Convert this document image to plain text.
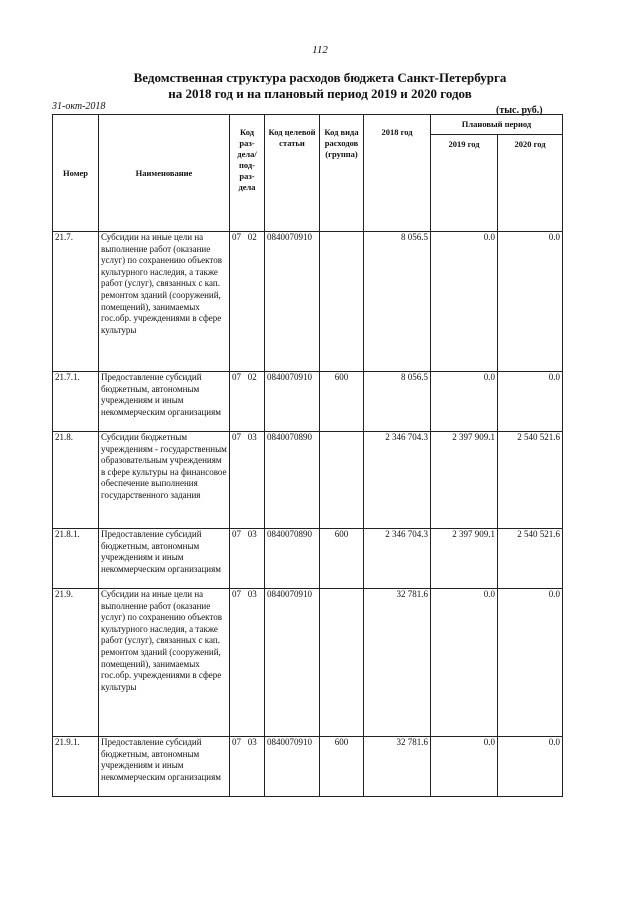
112
Ведомственная структура расходов бюджета Санкт-Петербурга
на 2018 год и на плановый период 2019 и 2020 годов
31-окт-2018	(тыс. руб.)
Номер	Наименование	Код раз-дела/ под-раз-дела	Код целевой статьи	Код вида расходов (группа)	2018 год	Плановый период	
						2019 год	2020 год
21.7.	Субсидии на иные цели на выполнение работ (оказание услуг) по сохранению объектов культурного наследия, а также работ (услуг), связанных с кап. ремонтом зданий (сооружений, помещений), занимаемых гос.обр. учреждениями в сфере культуры	07 02	0840070910		8 056.5	0.0	0.0
21.7.1.	Предоставление субсидий бюджетным, автономным учреждениям и иным некоммерческим организациям	07 02	0840070910	600	8 056.5	0.0	0.0
21.8.	Субсидии бюджетным учреждениям - государственным образовательным учреждениям в сфере культуры на финансовое обеспечение выполнения государственного задания	07 03	0840070890		2 346 704.3	2 397 909.1	2 540 521.6
21.8.1.	Предоставление субсидий бюджетным, автономным учреждениям и иным некоммерческим организациям	07 03	0840070890	600	2 346 704.3	2 397 909.1	2 540 521.6
21.9.	Субсидии на иные цели на выполнение работ (оказание услуг) по сохранению объектов культурного наследия, а также работ (услуг), связанных с кап. ремонтом зданий (сооружений, помещений), занимаемых гос.обр. учреждениями в сфере культуры	07 03	0840070910		32 781.6	0.0	0.0
21.9.1.	Предоставление субсидий бюджетным, автономным учреждениям и иным некоммерческим организациям	07 03	0840070910	600	32 781.6	0.0	0.0
